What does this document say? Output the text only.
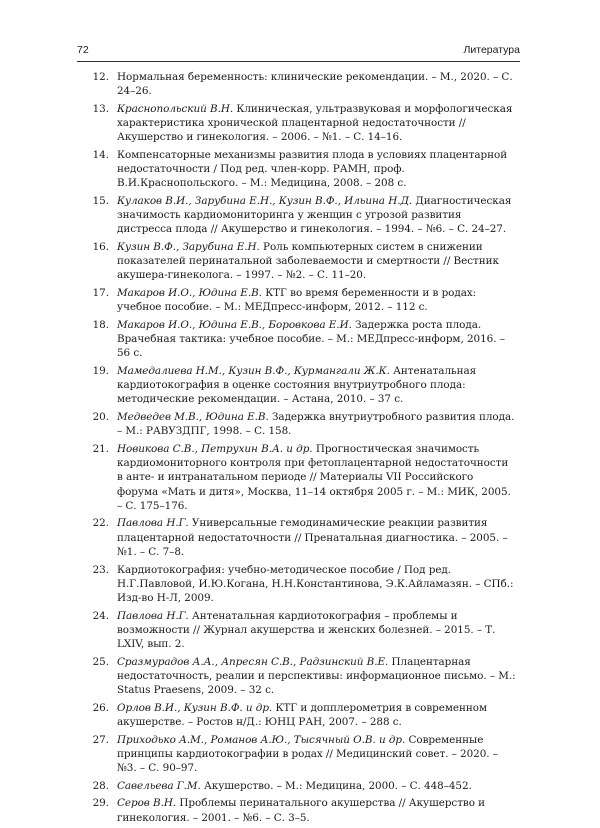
72	Литература
12. Нормальная беременность: клинические рекомендации. – М., 2020. – С. 24–26.
13. Краснопольский В.Н. Клиническая, ультразвуковая и морфологическая характеристика хронической плацентарной недостаточности // Акушерство и гинекология. – 2006. – №1. – С. 14–16.
14. Компенсаторные механизмы развития плода в условиях плацентарной недостаточности / Под ред. член-корр. РАМН, проф. В.И.Краснопольского. – М.: Медицина, 2008. – 208 с.
15. Кулаков В.И., Зарубина Е.Н., Кузин В.Ф., Ильина Н.Д. Диагностическая значимость кардиомониторинга у женщин с угрозой развития дистресса плода // Акушерство и гинекология. – 1994. – №6. – С. 24–27.
16. Кузин В.Ф., Зарубина Е.Н. Роль компьютерных систем в снижении показателей перинатальной заболеваемости и смертности // Вестник акушера-гинеколога. – 1997. – №2. – С. 11–20.
17. Макаров И.О., Юдина Е.В. КТГ во время беременности и в родах: учебное пособие. – М.: МЕДпресс-информ, 2012. – 112 с.
18. Макаров И.О., Юдина Е.В., Боровкова Е.И. Задержка роста плода. Врачебная тактика: учебное пособие. – М.: МЕДпресс-информ, 2016. – 56 с.
19. Мамедалиева Н.М., Кузин В.Ф., Курмангали Ж.К. Антенатальная кардиотокография в оценке состояния внутриутробного плода: методические рекомендации. – Астана, 2010. – 37 с.
20. Медведев М.В., Юдина Е.В. Задержка внутриутробного развития плода. – М.: РАВУЗДПГ, 1998. – С. 158.
21. Новикова С.В., Петрухин В.А. и др. Прогностическая значимость кардиомониторного контроля при фетоплацентарной недостаточности в анте- и интранатальном периоде // Материалы VII Российского форума «Мать и дитя», Москва, 11–14 октября 2005 г. – М.: МИК, 2005. – С. 175–176.
22. Павлова Н.Г. Универсальные гемодинамические реакции развития плацентарной недостаточности // Пренатальная диагностика. – 2005. – №1. – С. 7–8.
23. Кардиотокография: учебно-методическое пособие / Под ред. Н.Г.Павловой, И.Ю.Когана, Н.Н.Константинова, Э.К.Айламазян. – СПб.: Изд-во Н-Л, 2009.
24. Павлова Н.Г. Антенатальная кардиотокография – проблемы и возможности // Журнал акушерства и женских болезней. – 2015. – Т. LXIV, вып. 2.
25. Сразмурадов А.А., Апресян С.В., Радзинский В.Е. Плацентарная недостаточность, реалии и перспективы: информационное письмо. – М.: Status Praesens, 2009. – 32 с.
26. Орлов В.И., Кузин В.Ф. и др. КТГ и допплерометрия в современном акушерстве. – Ростов н/Д.: ЮНЦ РАН, 2007. – 288 с.
27. Приходько А.М., Романов А.Ю., Тысячный О.В. и др. Современные принципы кардиотокографии в родах // Медицинский совет. – 2020. – №3. – С. 90–97.
28. Савельева Г.М. Акушерство. – М.: Медицина, 2000. – С. 448–452.
29. Серов В.Н. Проблемы перинатального акушерства // Акушерство и гинекология. – 2001. – №6. – С. 3–5.
